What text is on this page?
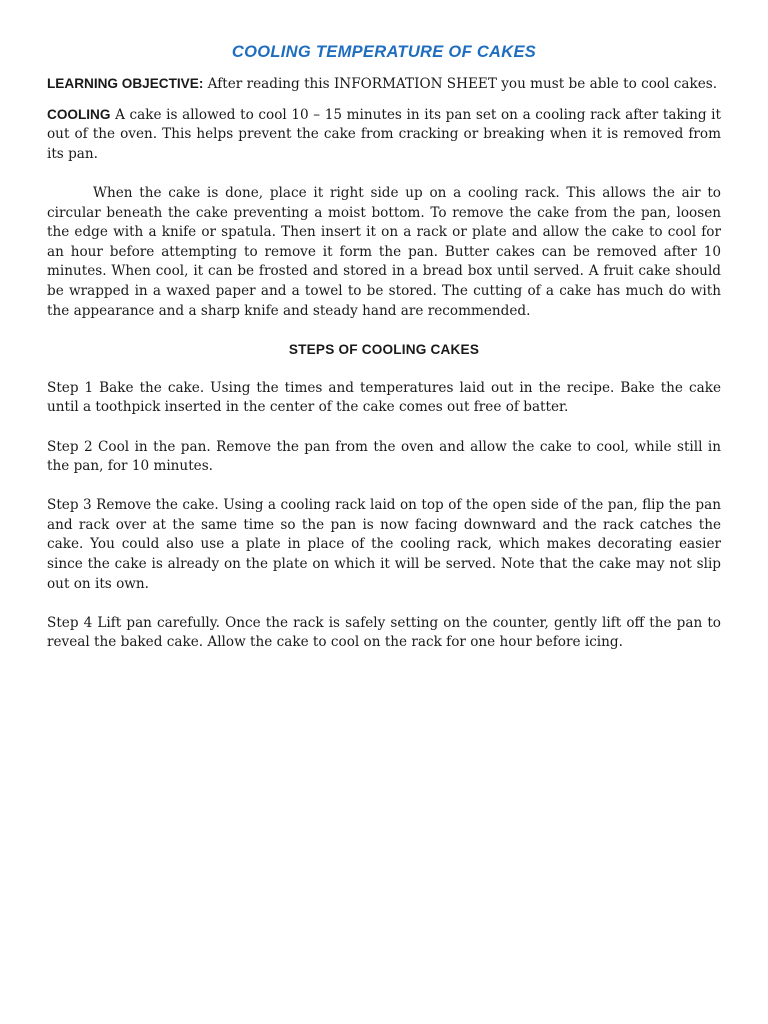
COOLING TEMPERATURE OF CAKES

LEARNING OBJECTIVE: After reading this INFORMATION SHEET you must be able to cool cakes.

COOLING A cake is allowed to cool 10 – 15 minutes in its pan set on a cooling rack after taking it out of the oven. This helps prevent the cake from cracking or breaking when it is removed from its pan.

When the cake is done, place it right side up on a cooling rack. This allows the air to circular beneath the cake preventing a moist bottom. To remove the cake from the pan, loosen the edge with a knife or spatula. Then insert it on a rack or plate and allow the cake to cool for an hour before attempting to remove it form the pan. Butter cakes can be removed after 10 minutes. When cool, it can be frosted and stored in a bread box until served. A fruit cake should be wrapped in a waxed paper and a towel to be stored. The cutting of a cake has much do with the appearance and a sharp knife and steady hand are recommended.

STEPS OF COOLING CAKES

Step 1 Bake the cake. Using the times and temperatures laid out in the recipe. Bake the cake until a toothpick inserted in the center of the cake comes out free of batter.

Step 2 Cool in the pan. Remove the pan from the oven and allow the cake to cool, while still in the pan, for 10 minutes.

Step 3 Remove the cake. Using a cooling rack laid on top of the open side of the pan, flip the pan and rack over at the same time so the pan is now facing downward and the rack catches the cake. You could also use a plate in place of the cooling rack, which makes decorating easier since the cake is already on the plate on which it will be served. Note that the cake may not slip out on its own.

Step 4 Lift pan carefully. Once the rack is safely setting on the counter, gently lift off the pan to reveal the baked cake. Allow the cake to cool on the rack for one hour before icing.
